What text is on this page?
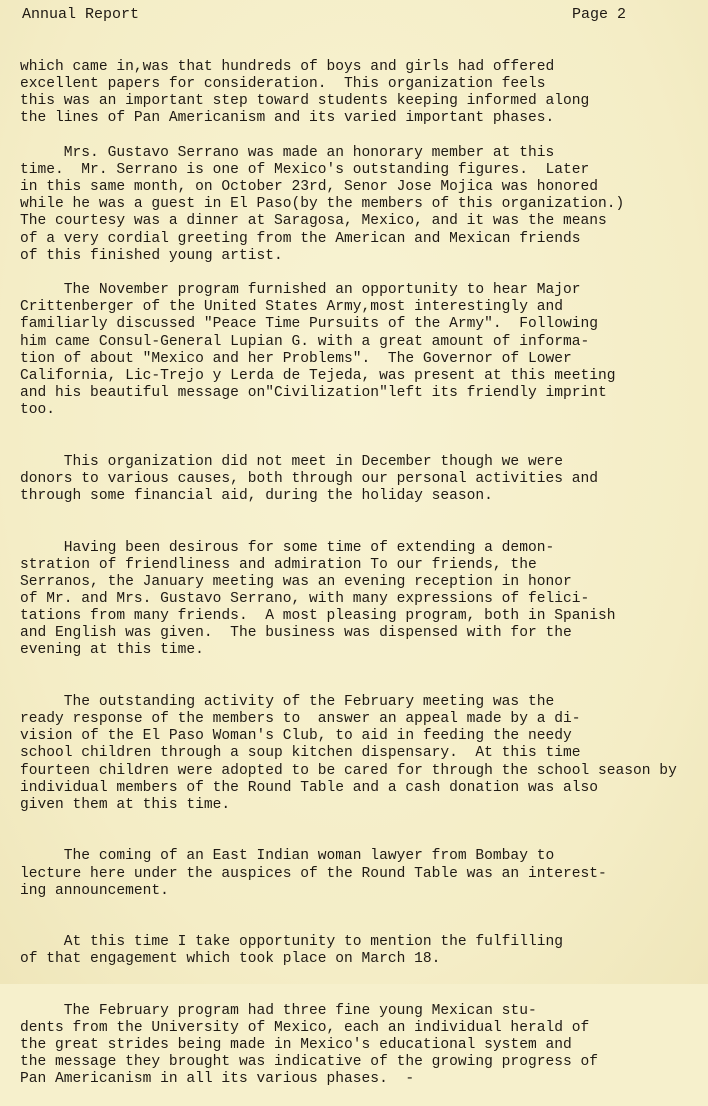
Annual Report	Page 2

which came in,was that hundreds of boys and girls had offered
excellent papers for consideration.  This organization feels
this was an important step toward students keeping informed along
the lines of Pan Americanism and its varied important phases.

Mrs. Gustavo Serrano was made an honorary member at this
time.  Mr. Serrano is one of Mexico's outstanding figures.  Later
in this same month, on October 23rd, Senor Jose Mojica was honored
while he was a guest in El Paso(by the members of this organization.)
The courtesy was a dinner at Saragosa, Mexico, and it was the means
of a very cordial greeting from the American and Mexican friends
of this finished young artist.

The November program furnished an opportunity to hear Major
Crittenberger of the United States Army,most interestingly and
familiarly discussed "Peace Time Pursuits of the Army".  Following
him came Consul-General Lupian G. with a great amount of informa-
tion of about "Mexico and her Problems".  The Governor of Lower
California, Lic-Trejo y Lerda de Tejeda, was present at this meeting
and his beautiful message on"Civilization"left its friendly imprint
too.

This organization did not meet in December though we were
donors to various causes, both through our personal activities and
through some financial aid, during the holiday season.

Having been desirous for some time of extending a demon-
stration of friendliness and admiration To our friends, the
Serranos, the January meeting was an evening reception in honor
of Mr. and Mrs. Gustavo Serrano, with many expressions of felici-
tations from many friends.  A most pleasing program, both in Spanish
and English was given.  The business was dispensed with for the
evening at this time.

The outstanding activity of the February meeting was the
ready response of the members to  answer an appeal made by a di-
vision of the El Paso Woman's Club, to aid in feeding the needy
school children through a soup kitchen dispensary.  At this time
fourteen children were adopted to be cared for through the school season by
individual members of the Round Table and a cash donation was also
given them at this time.

The coming of an East Indian woman lawyer from Bombay to
lecture here under the auspices of the Round Table was an interest-
ing announcement.

At this time I take opportunity to mention the fulfilling
of that engagement which took place on March 18.

The February program had three fine young Mexican stu-
dents from the University of Mexico, each an individual herald of
the great strides being made in Mexico's educational system and
the message they brought was indicative of the growing progress of
Pan Americanism in all its various phases.  -
